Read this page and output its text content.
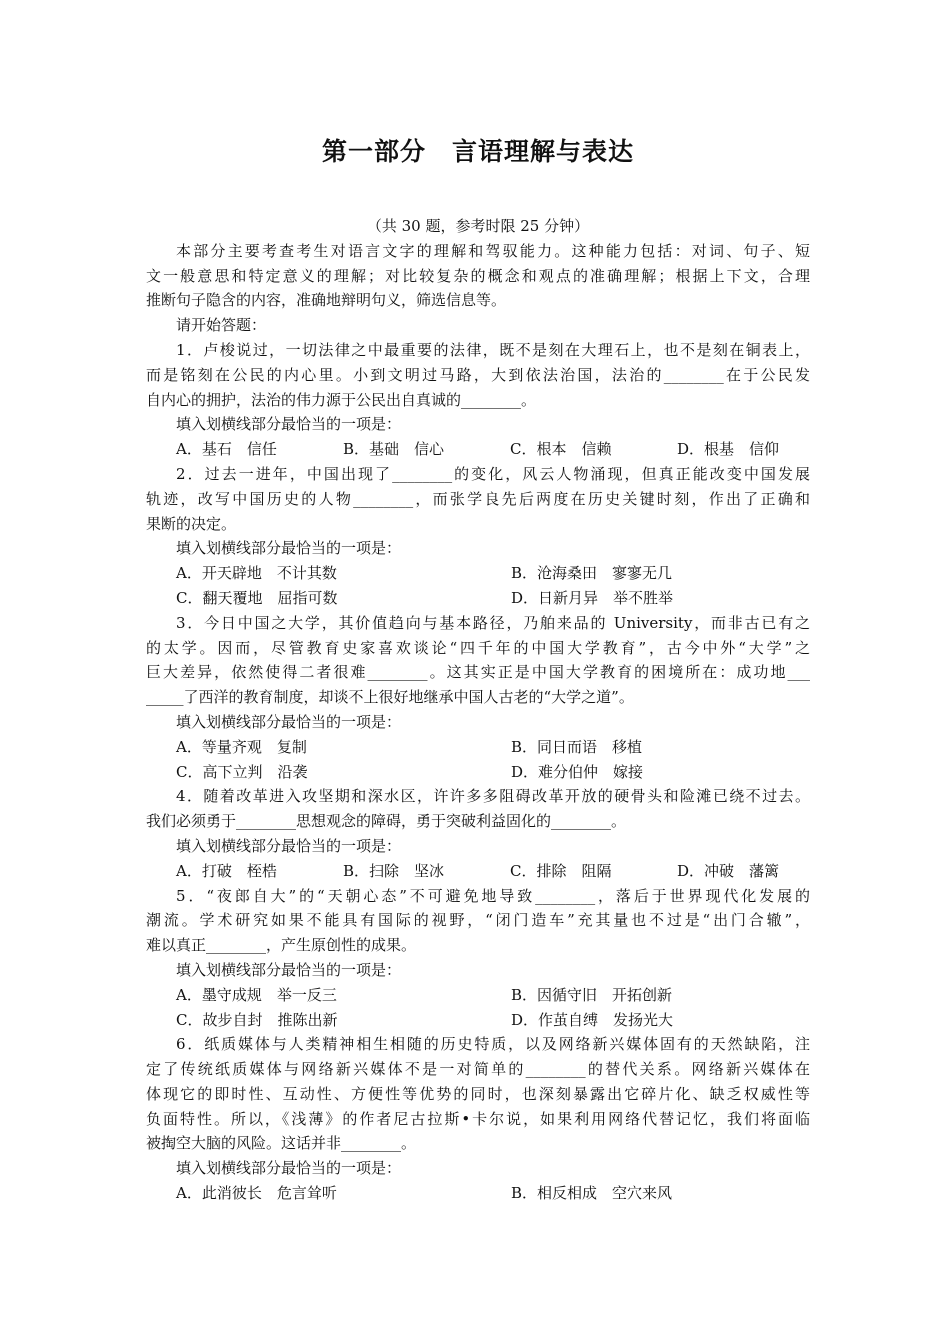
第一部分　言语理解与表达
（共 30 题，参考时限 25 分钟）
本部分主要考查考生对语言文字的理解和驾驭能力。这种能力包括：对词、句子、短
文一般意思和特定意义的理解；对比较复杂的概念和观点的准确理解；根据上下文，合理
推断句子隐含的内容，准确地辩明句义，筛选信息等。
请开始答题：
1．卢梭说过，一切法律之中最重要的法律，既不是刻在大理石上，也不是刻在铜表上，
而是铭刻在公民的内心里。小到文明过马路，大到依法治国，法治的________在于公民发
自内心的拥护，法治的伟力源于公民出自真诚的________。
填入划横线部分最恰当的一项是：
A．基石　信任	B．基础　信心	C．根本　信赖	D．根基　信仰
2．过去一进年，中国出现了________的变化，风云人物涌现，但真正能改变中国发展
轨迹，改写中国历史的人物________，而张学良先后两度在历史关键时刻，作出了正确和
果断的决定。
填入划横线部分最恰当的一项是：
A．开天辟地　不计其数	B．沧海桑田　寥寥无几
C．翻天覆地　屈指可数	D．日新月异　举不胜举
3．今日中国之大学，其价值趋向与基本路径，乃舶来品的 University，而非古已有之
的太学。因而，尽管教育史家喜欢谈论“四千年的中国大学教育”，古今中外“大学”之
巨大差异，依然使得二者很难________。这其实正是中国大学教育的困境所在：成功地___
_____了西洋的教育制度，却谈不上很好地继承中国人古老的“大学之道”。
填入划横线部分最恰当的一项是：
A．等量齐观　复制	B．同日而语　移植
C．高下立判　沿袭	D．难分伯仲　嫁接
4．随着改革进入攻坚期和深水区，许许多多阻碍改革开放的硬骨头和险滩已绕不过去。
我们必须勇于________思想观念的障碍，勇于突破利益固化的________。
填入划横线部分最恰当的一项是：
A．打破　桎梏	B．扫除　坚冰	C．排除　阻隔	D．冲破　藩篱
5．“夜郎自大”的“天朝心态”不可避免地导致________，落后于世界现代化发展的
潮流。学术研究如果不能具有国际的视野，“闭门造车”充其量也不过是“出门合辙”，
难以真正________，产生原创性的成果。
填入划横线部分最恰当的一项是：
A．墨守成规　举一反三	B．因循守旧　开拓创新
C．故步自封　推陈出新	D．作茧自缚　发扬光大
6．纸质媒体与人类精神相生相随的历史特质，以及网络新兴媒体固有的天然缺陷，注
定了传统纸质媒体与网络新兴媒体不是一对简单的________的替代关系。网络新兴媒体在
体现它的即时性、互动性、方便性等优势的同时，也深刻暴露出它碎片化、缺乏权威性等
负面特性。所以，《浅薄》的作者尼古拉斯•卡尔说，如果利用网络代替记忆，我们将面临
被掏空大脑的风险。这话并非________。
填入划横线部分最恰当的一项是：
A．此消彼长　危言耸听	B．相反相成　空穴来风
